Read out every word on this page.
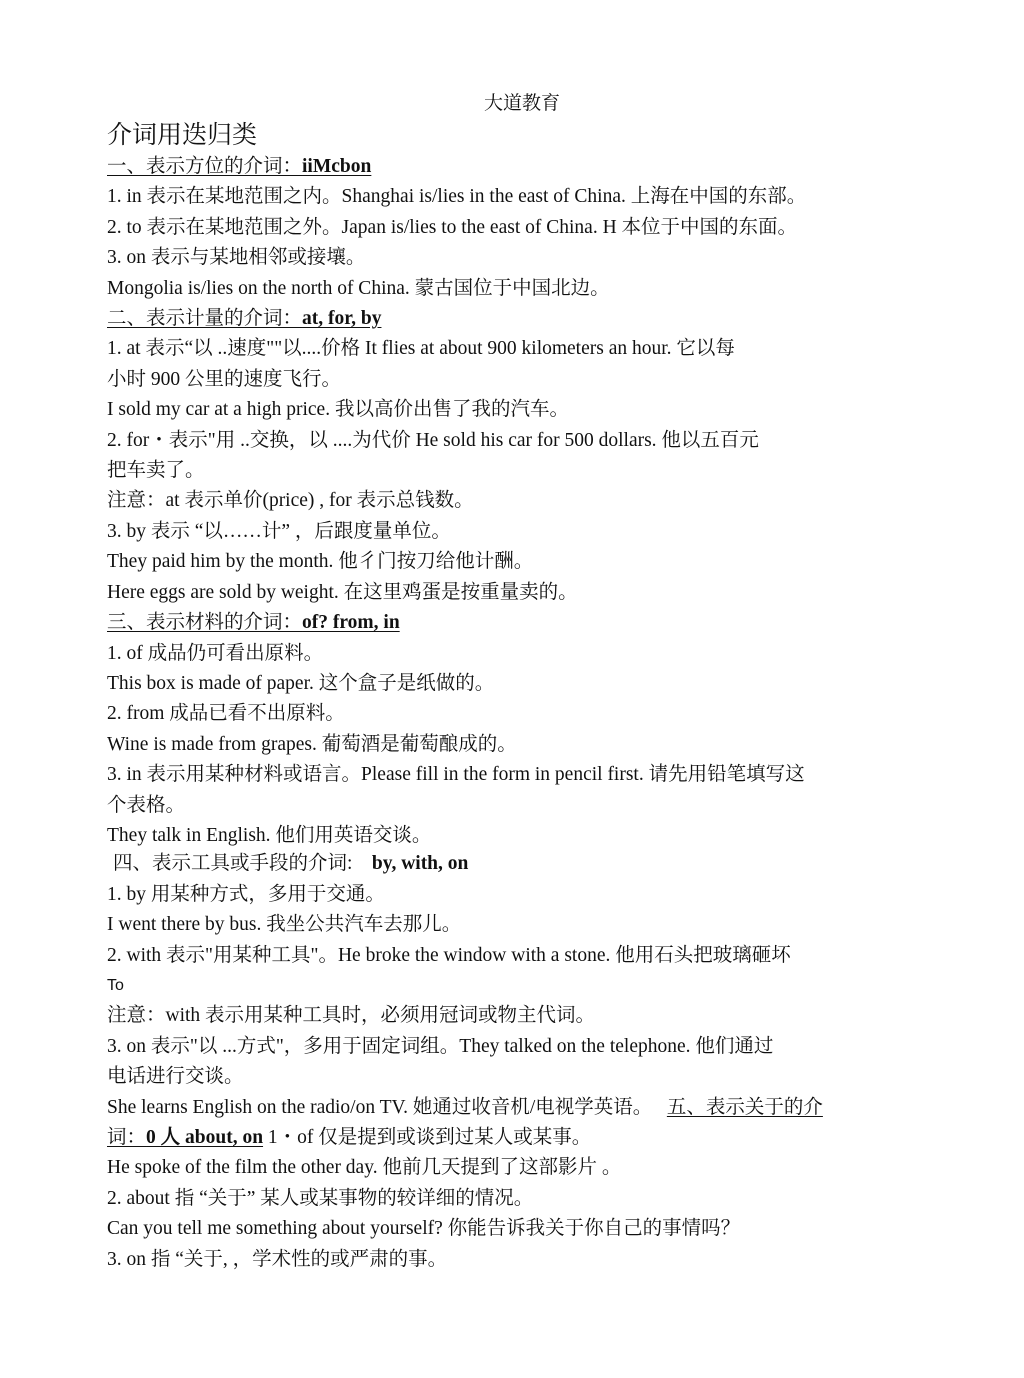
大道教育
介词用迭归类
一、表示方位的介词：iiMcbon
1. in 表示在某地范围之内。Shanghai is/lies in the east of China. 上海在中国的东部。
2. to 表示在某地范围之外。Japan is/lies to the east of China. H 本位于中国的东面。
3. on 表示与某地相邻或接壤。
Mongolia is/lies on the north of China. 蒙古国位于中国北边。
二、表示计量的介词：at, for, by
1. at 表示“以 ..速度""以....价格 It flies at about 900 kilometers an hour. 它以每
小时 900 公里的速度飞行。
I sold my car at a high price. 我以高价出售了我的汽车。
2. for・表示"用 ..交换，以 ....为代价 He sold his car for 500 dollars. 他以五百元
把车卖了。
注意：at 表示单价(price) , for 表示总钱数。
3. by 表示 “以……计” ，后跟度量单位。
They paid him by the month. 他彳门按刀给他计酬。
Here eggs are sold by weight. 在这里鸡蛋是按重量卖的。
三、表示材料的介词：of? from, in
1. of 成品仍可看出原料。
This box is made of paper. 这个盒子是纸做的。
2. from 成品已看不出原料。
Wine is made from grapes. 葡萄酒是葡萄酿成的。
3. in 表示用某种材料或语言。Please fill in the form in pencil first. 请先用铅笔填写这
个表格。
They talk in English. 他们用英语交谈。
四、表示工具或手段的介词: by, with, on
1. by 用某种方式，多用于交通。
I went there by bus. 我坐公共汽车去那儿。
2. with 表示"用某种工具"。He broke the window with a stone. 他用石头把玻璃砸坏
To
注意：with 表示用某种工具时，必须用冠词或物主代词。
3. on 表示"以 ...方式"，多用于固定词组。They talked on the telephone. 他们通过
电话进行交谈。
She learns English on the radio/on TV. 她通过收音机/电视学英语。 五、表示关于的介
词：0 人 about, on 1・of 仅是提到或谈到过某人或某事。
He spoke of the film the other day. 他前几天提到了这部影片 。
2. about 指 “关于” 某人或某事物的较详细的情况。
Can you tell me something about yourself? 你能告诉我关于你自己的事情吗？
3. on 指 “关于, ，学术性的或严肃的事。
